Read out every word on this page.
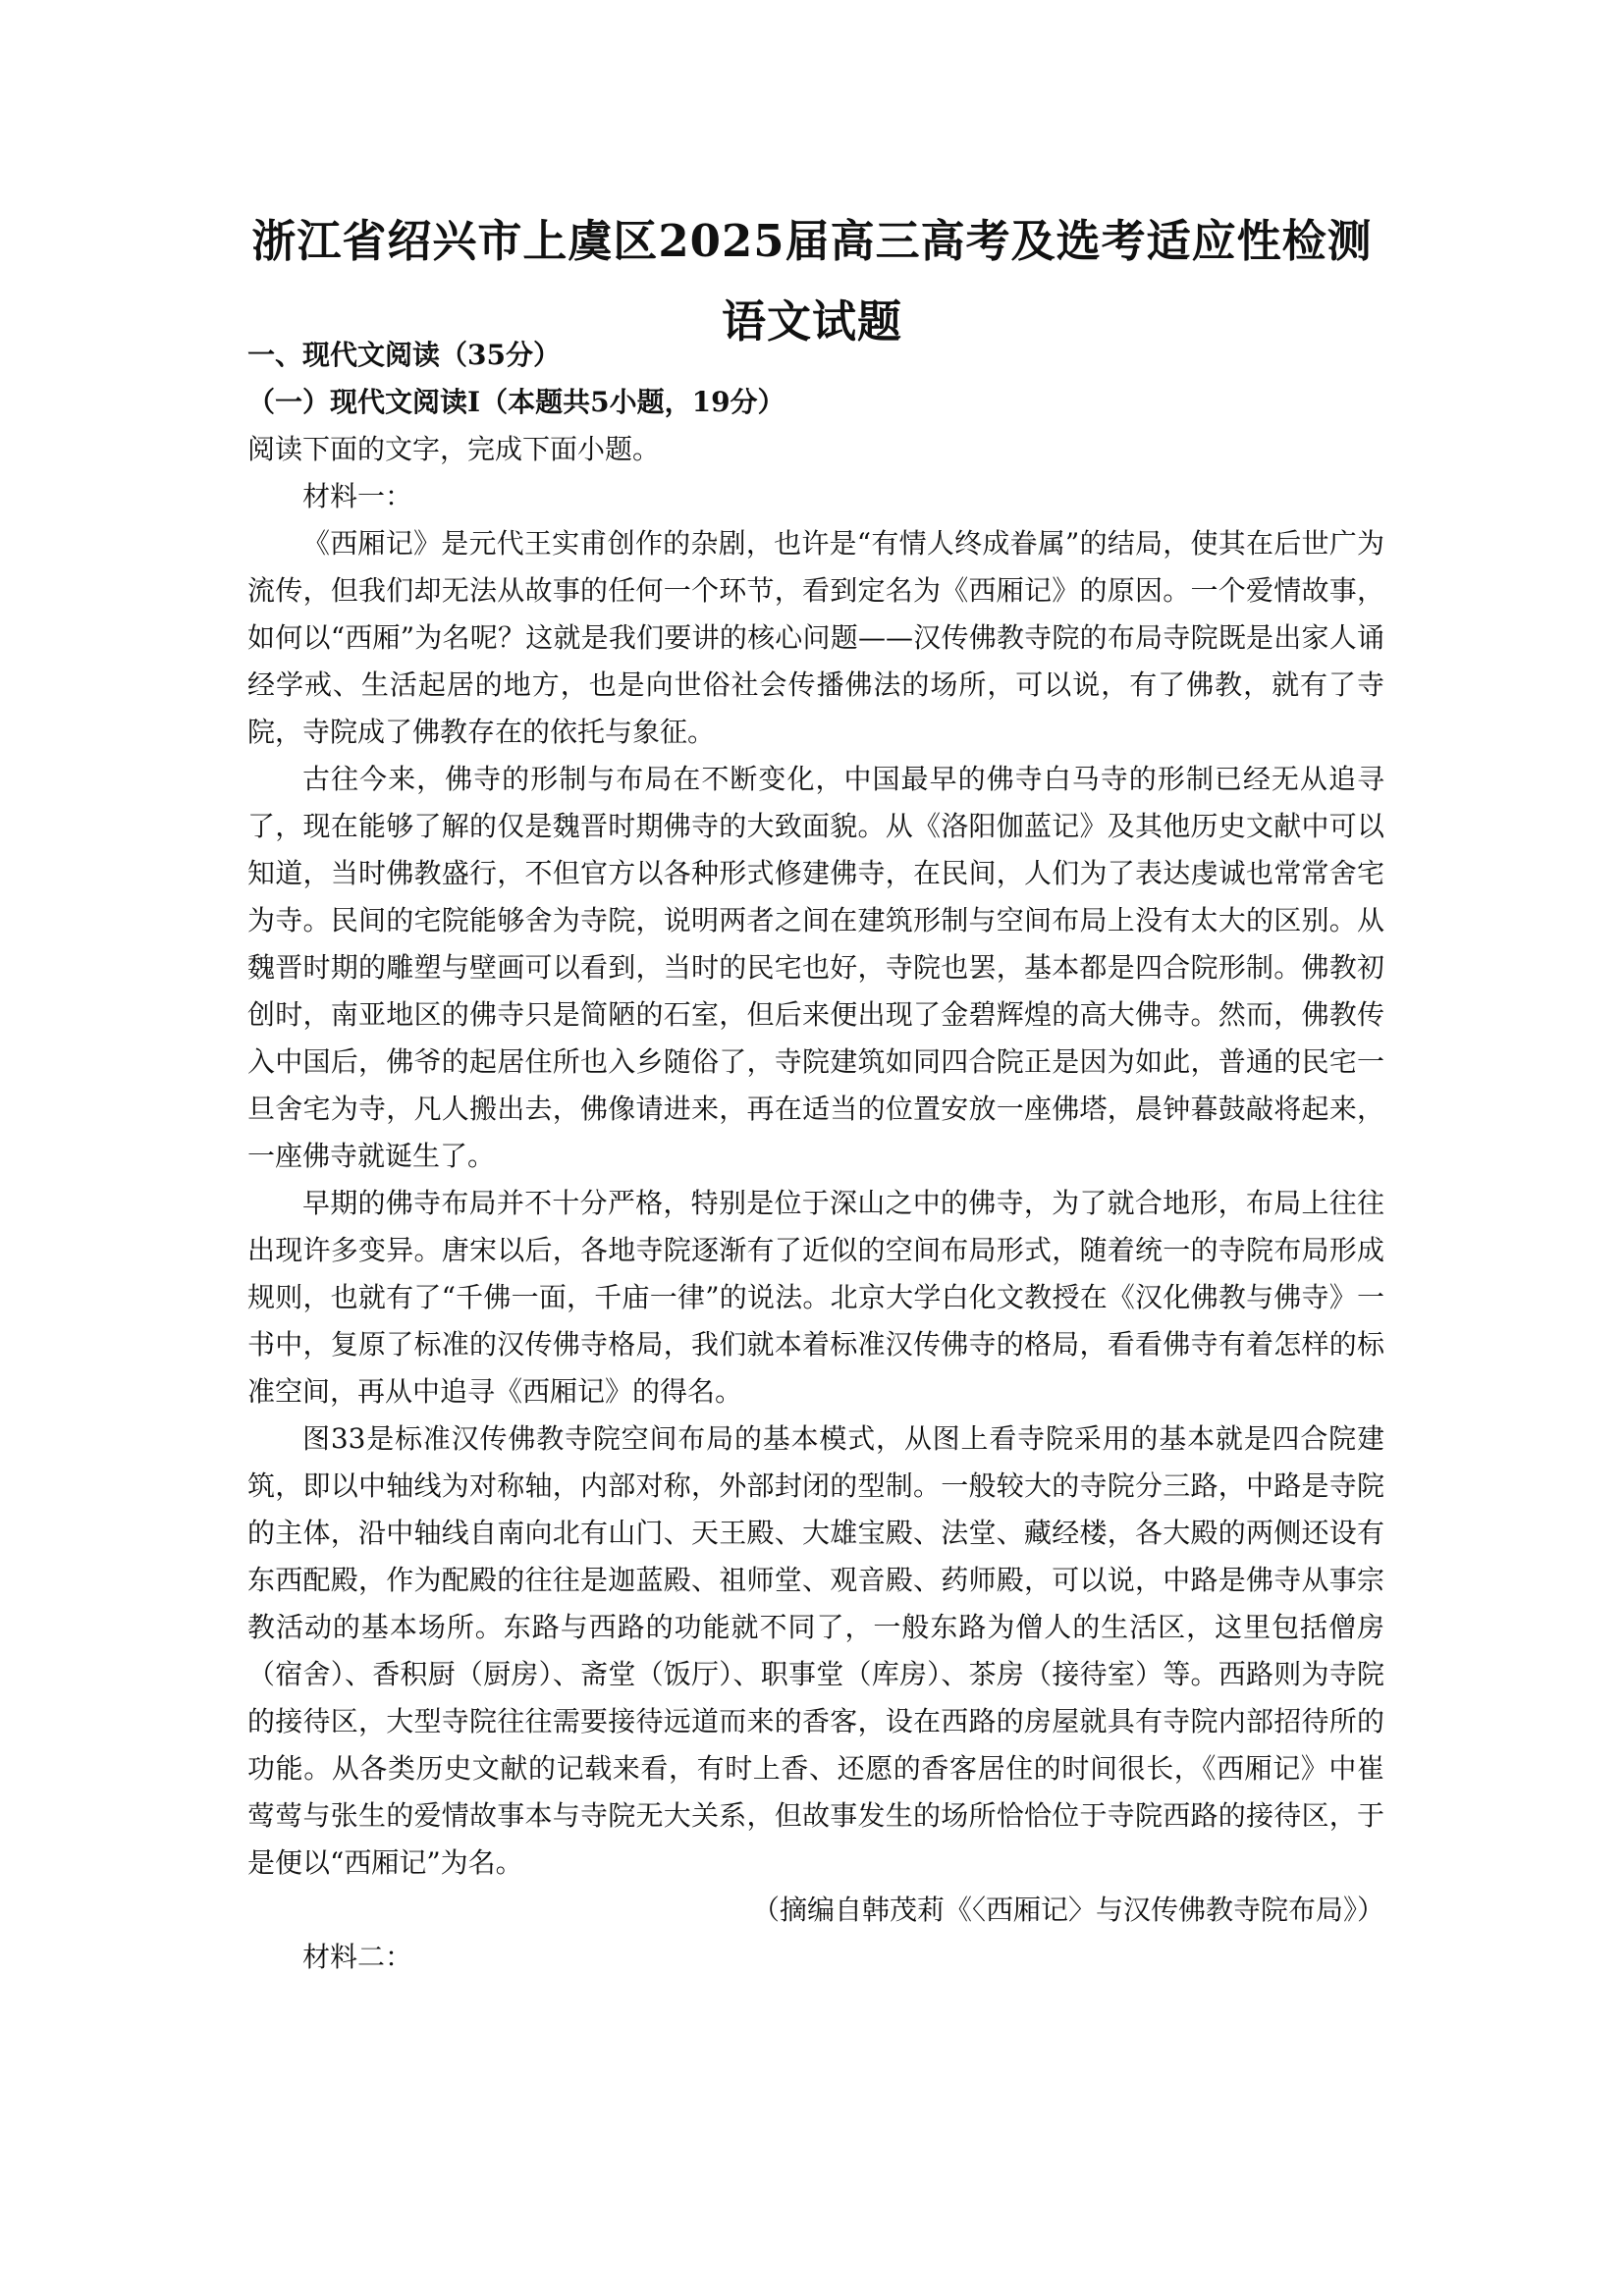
浙江省绍兴市上虞区2025届高三高考及选考适应性检测
语文试题

一、现代文阅读（35分）

（一）现代文阅读Ⅰ（本题共5小题，19分）

阅读下面的文字，完成下面小题。

材料一：

《西厢记》是元代王实甫创作的杂剧，也许是“有情人终成眷属”的结局，使其在后世广为流传，但我们却无法从故事的任何一个环节，看到定名为《西厢记》的原因。一个爱情故事，如何以“西厢”为名呢？这就是我们要讲的核心问题——汉传佛教寺院的布局寺院既是出家人诵经学戒、生活起居的地方，也是向世俗社会传播佛法的场所，可以说，有了佛教，就有了寺院，寺院成了佛教存在的依托与象征。

古往今来，佛寺的形制与布局在不断变化，中国最早的佛寺白马寺的形制已经无从追寻了，现在能够了解的仅是魏晋时期佛寺的大致面貌。从《洛阳伽蓝记》及其他历史文献中可以知道，当时佛教盛行，不但官方以各种形式修建佛寺，在民间，人们为了表达虔诚也常常舍宅为寺。民间的宅院能够舍为寺院，说明两者之间在建筑形制与空间布局上没有太大的区别。从魏晋时期的雕塑与壁画可以看到，当时的民宅也好，寺院也罢，基本都是四合院形制。佛教初创时，南亚地区的佛寺只是简陋的石室，但后来便出现了金碧辉煌的高大佛寺。然而，佛教传入中国后，佛爷的起居住所也入乡随俗了，寺院建筑如同四合院正是因为如此，普通的民宅一旦舍宅为寺，凡人搬出去，佛像请进来，再在适当的位置安放一座佛塔，晨钟暮鼓敲将起来，一座佛寺就诞生了。

早期的佛寺布局并不十分严格，特别是位于深山之中的佛寺，为了就合地形，布局上往往出现许多变异。唐宋以后，各地寺院逐渐有了近似的空间布局形式，随着统一的寺院布局形成规则，也就有了“千佛一面，千庙一律”的说法。北京大学白化文教授在《汉化佛教与佛寺》一书中，复原了标准的汉传佛寺格局，我们就本着标准汉传佛寺的格局，看看佛寺有着怎样的标准空间，再从中追寻《西厢记》的得名。

图33是标准汉传佛教寺院空间布局的基本模式，从图上看寺院采用的基本就是四合院建筑，即以中轴线为对称轴，内部对称，外部封闭的型制。一般较大的寺院分三路，中路是寺院的主体，沿中轴线自南向北有山门、天王殿、大雄宝殿、法堂、藏经楼，各大殿的两侧还设有东西配殿，作为配殿的往往是迦蓝殿、祖师堂、观音殿、药师殿，可以说，中路是佛寺从事宗教活动的基本场所。东路与西路的功能就不同了，一般东路为僧人的生活区，这里包括僧房（宿舍）、香积厨（厨房）、斋堂（饭厅）、职事堂（库房）、茶房（接待室）等。西路则为寺院的接待区，大型寺院往往需要接待远道而来的香客，设在西路的房屋就具有寺院内部招待所的功能。从各类历史文献的记载来看，有时上香、还愿的香客居住的时间很长，《西厢记》中崔莺莺与张生的爱情故事本与寺院无大关系，但故事发生的场所恰恰位于寺院西路的接待区，于是便以“西厢记”为名。

（摘编自韩茂莉《〈西厢记〉与汉传佛教寺院布局》）

材料二：
